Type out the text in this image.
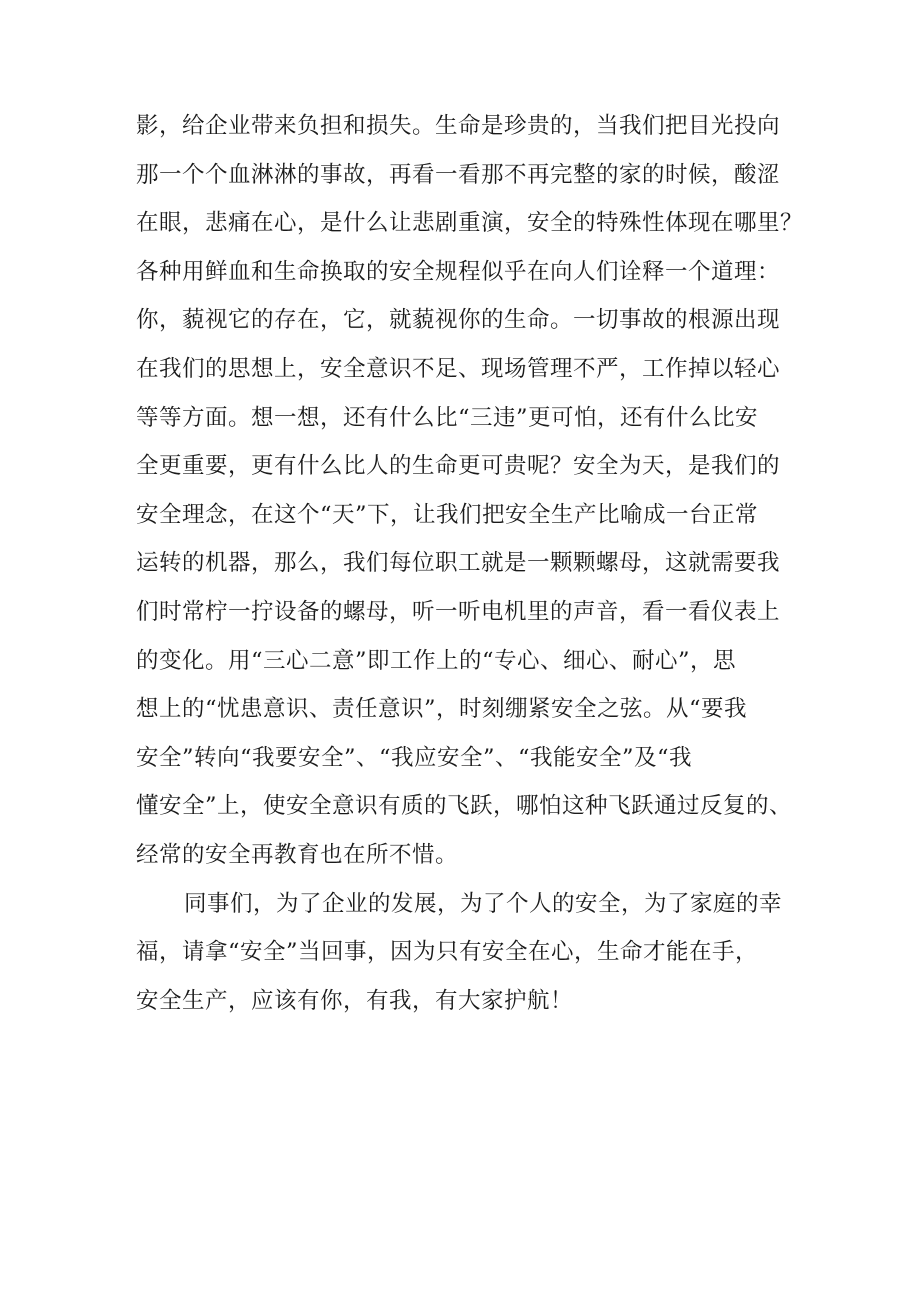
影，给企业带来负担和损失。生命是珍贵的，当我们把目光投向
那一个个血淋淋的事故，再看一看那不再完整的家的时候，酸涩
在眼，悲痛在心，是什么让悲剧重演，安全的特殊性体现在哪里？
各种用鲜血和生命换取的安全规程似乎在向人们诠释一个道理：
你，藐视它的存在，它，就藐视你的生命。一切事故的根源出现
在我们的思想上，安全意识不足、现场管理不严，工作掉以轻心
等等方面。想一想，还有什么比“三违”更可怕，还有什么比安
全更重要，更有什么比人的生命更可贵呢？安全为天，是我们的
安全理念，在这个“天”下，让我们把安全生产比喻成一台正常
运转的机器，那么，我们每位职工就是一颗颗螺母，这就需要我
们时常柠一拧设备的螺母，听一听电机里的声音，看一看仪表上
的变化。用“三心二意”即工作上的“专心、细心、耐心”，思
想上的“忧患意识、责任意识”，时刻绷紧安全之弦。从“要我
安全”转向“我要安全”、“我应安全”、“我能安全”及“我
懂安全”上，使安全意识有质的飞跃，哪怕这种飞跃通过反复的、
经常的安全再教育也在所不惜。
同事们，为了企业的发展，为了个人的安全，为了家庭的幸
福，请拿“安全”当回事，因为只有安全在心，生命才能在手，
安全生产，应该有你，有我，有大家护航！
